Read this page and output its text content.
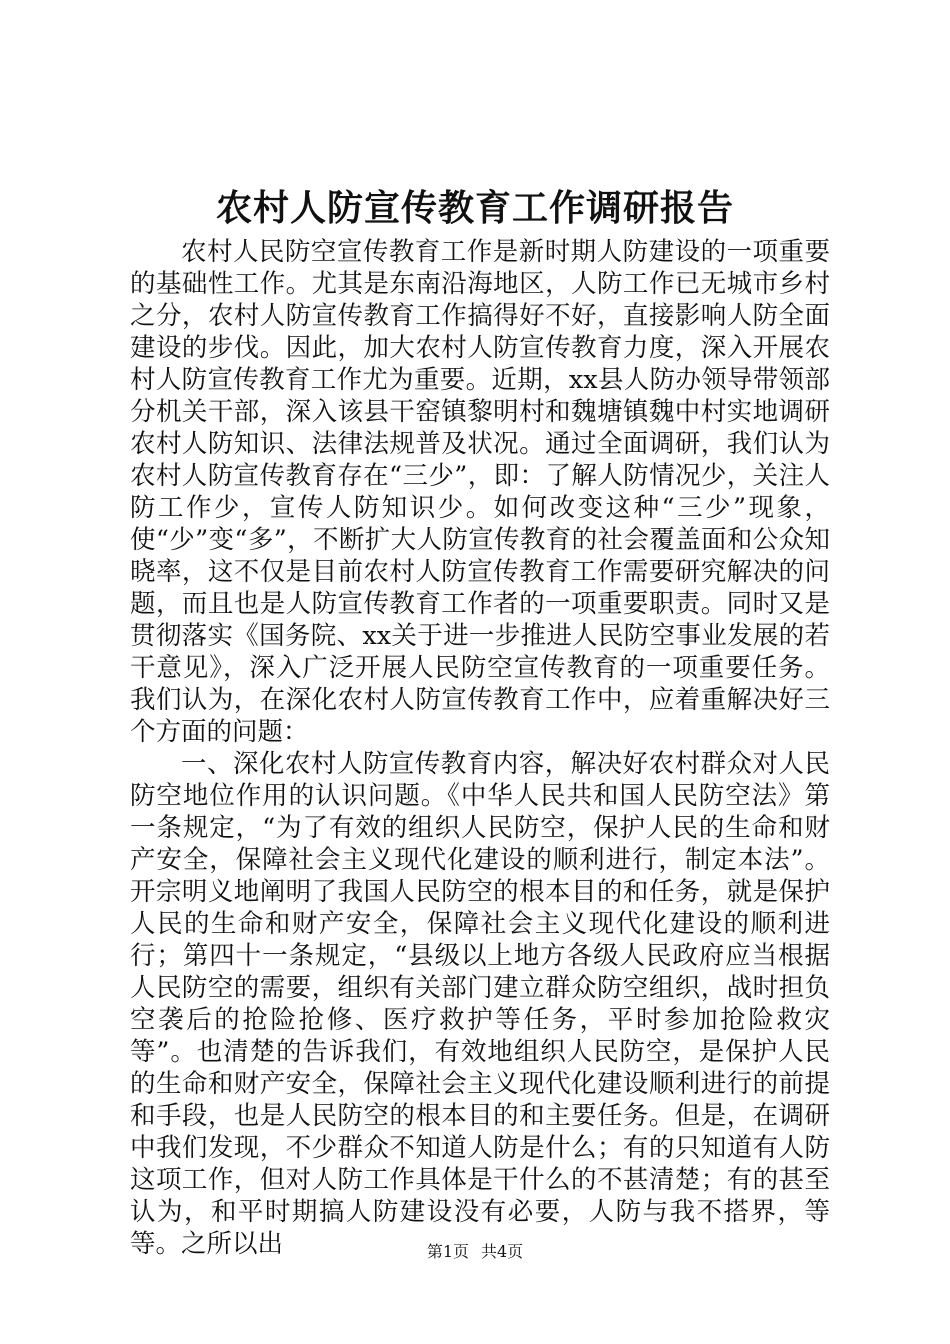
农村人防宣传教育工作调研报告

农村人民防空宣传教育工作是新时期人防建设的一项重要的基础性工作。尤其是东南沿海地区，人防工作已无城市乡村之分，农村人防宣传教育工作搞得好不好，直接影响人防全面建设的步伐。因此，加大农村人防宣传教育力度，深入开展农村人防宣传教育工作尤为重要。近期，xx县人防办领导带领部分机关干部，深入该县干窑镇黎明村和魏塘镇魏中村实地调研农村人防知识、法律法规普及状况。通过全面调研，我们认为农村人防宣传教育存在“三少”，即：了解人防情况少，关注人防工作少，宣传人防知识少。如何改变这种“三少”现象，使“少”变“多”，不断扩大人防宣传教育的社会覆盖面和公众知晓率，这不仅是目前农村人防宣传教育工作需要研究解决的问题，而且也是人防宣传教育工作者的一项重要职责。同时又是贯彻落实《国务院、xx关于进一步推进人民防空事业发展的若干意见》，深入广泛开展人民防空宣传教育的一项重要任务。我们认为，在深化农村人防宣传教育工作中，应着重解决好三个方面的问题：

一、深化农村人防宣传教育内容，解决好农村群众对人民防空地位作用的认识问题。《中华人民共和国人民防空法》第一条规定，“为了有效的组织人民防空，保护人民的生命和财产安全，保障社会主义现代化建设的顺利进行，制定本法”。开宗明义地阐明了我国人民防空的根本目的和任务，就是保护人民的生命和财产安全，保障社会主义现代化建设的顺利进行；第四十一条规定，“县级以上地方各级人民政府应当根据人民防空的需要，组织有关部门建立群众防空组织，战时担负空袭后的抢险抢修、医疗救护等任务，平时参加抢险救灾等”。也清楚的告诉我们，有效地组织人民防空，是保护人民的生命和财产安全，保障社会主义现代化建设顺利进行的前提和手段，也是人民防空的根本目的和主要任务。但是，在调研中我们发现，不少群众不知道人防是什么；有的只知道有人防这项工作，但对人防工作具体是干什么的不甚清楚；有的甚至认为，和平时期搞人防建设没有必要，人防与我不搭界，等等。之所以出	第1页 共4页
